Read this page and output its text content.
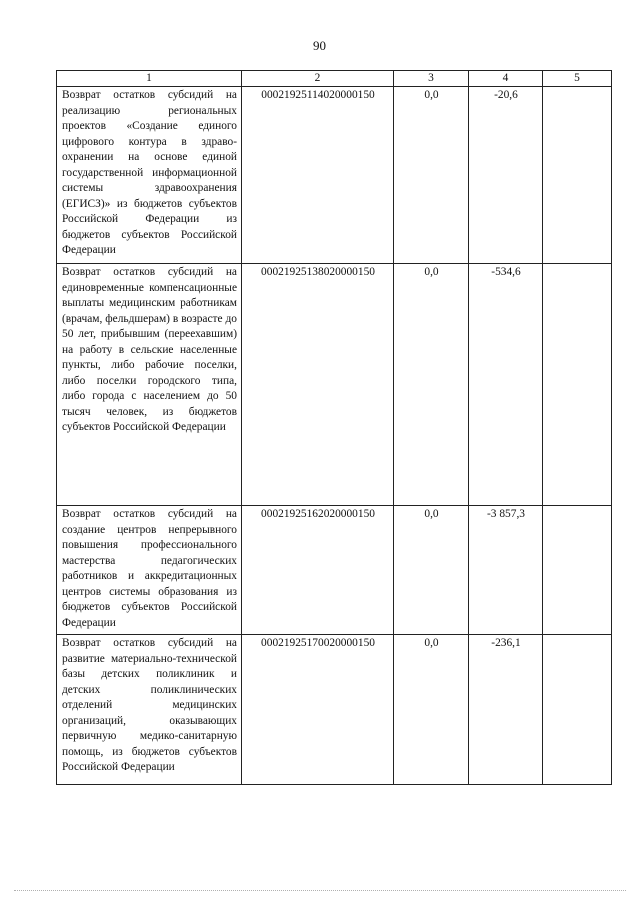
90
1	2	3	4	5
Возврат остатков субсидий на реализацию региональных проектов «Создание единого цифрового контура в здравоохранении на основе единой государственной информационной системы здравоохранения (ЕГИСЗ)» из бюджетов субъектов Российской Федерации из бюджетов субъектов Российской Федерации	00021925114020000150	0,0	-20,6	
Возврат остатков субсидий на единовременные компенсационные выплаты медицинским работникам (врачам, фельдшерам) в возрасте до 50 лет, прибывшим (переехавшим) на работу в сельские населенные пункты, либо рабочие поселки, либо поселки городского типа, либо города с населением до 50 тысяч человек, из бюджетов субъектов Российской Федерации	00021925138020000150	0,0	-534,6	
Возврат остатков субсидий на создание центров непрерывного повышения профессионального мастерства педагогических работников и аккредитационных центров системы образования из бюджетов субъектов Российской Федерации	00021925162020000150	0,0	-3 857,3	
Возврат остатков субсидий на развитие материально-технической базы детских поликлиник и детских поликлинических отделений медицинских организаций, оказывающих первичную медико-санитарную помощь, из бюджетов субъектов Российской Федерации	00021925170020000150	0,0	-236,1	
